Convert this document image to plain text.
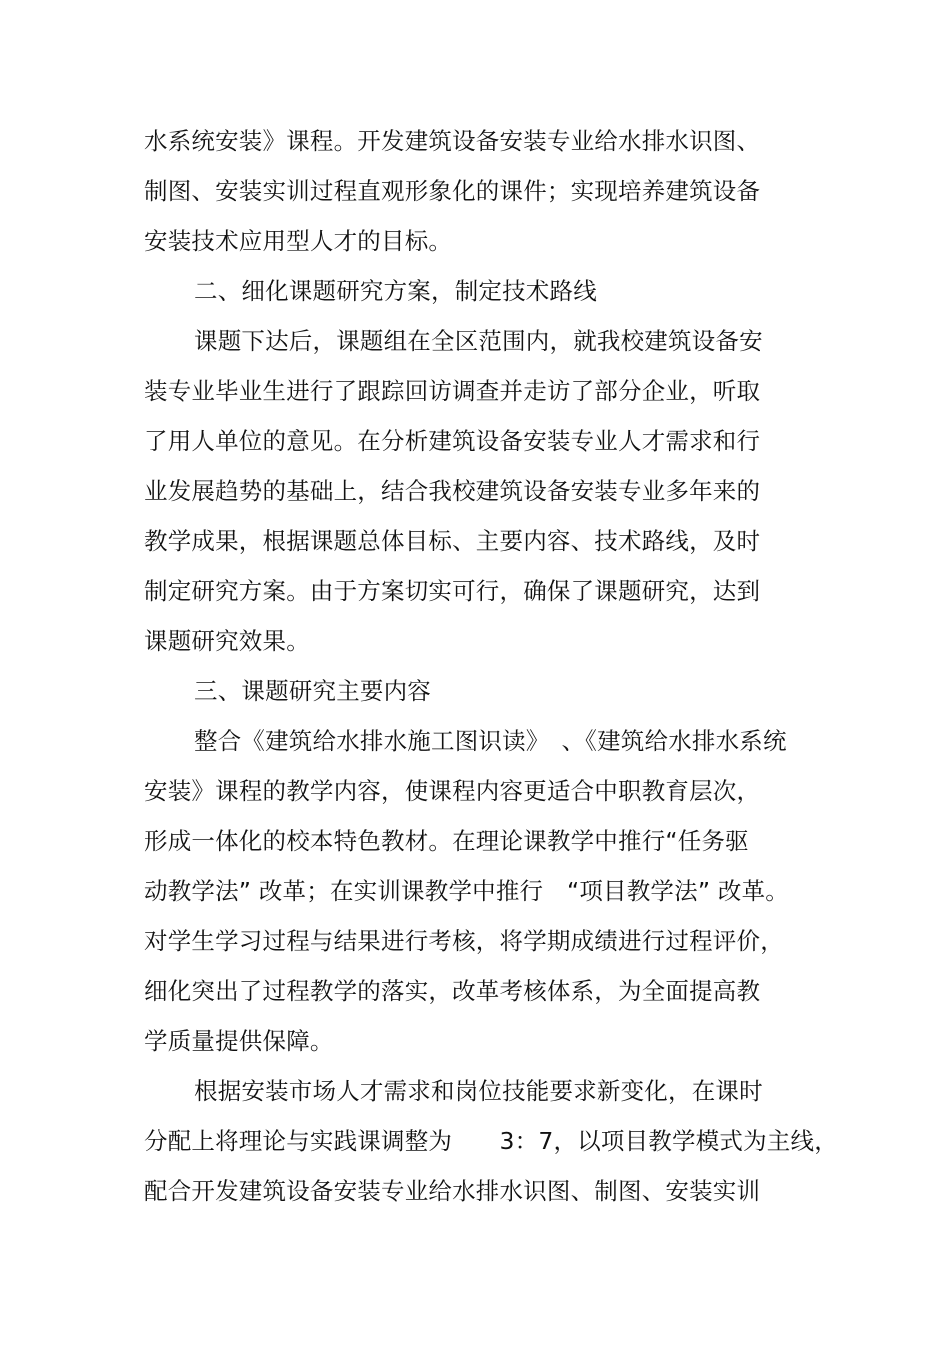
水系统安装》课程。开发建筑设备安装专业给水排水识图、
制图、安装实训过程直观形象化的课件；实现培养建筑设备
安装技术应用型人才的目标。
二、细化课题研究方案，制定技术路线
课题下达后，课题组在全区范围内，就我校建筑设备安
装专业毕业生进行了跟踪回访调查并走访了部分企业，听取
了用人单位的意见。在分析建筑设备安装专业人才需求和行
业发展趋势的基础上，结合我校建筑设备安装专业多年来的
教学成果，根据课题总体目标、主要内容、技术路线，及时
制定研究方案。由于方案切实可行，确保了课题研究，达到
课题研究效果。
三、课题研究主要内容
整合《建筑给水排水施工图识读》　、《建筑给水排水系统
安装》课程的教学内容，使课程内容更适合中职教育层次，
形成一体化的校本特色教材。在理论课教学中推行“任务驱
动教学法” 改革；在实训课教学中推行　“项目教学法” 改革。
对学生学习过程与结果进行考核，将学期成绩进行过程评价，
细化突出了过程教学的落实，改革考核体系，为全面提高教
学质量提供保障。
根据安装市场人才需求和岗位技能要求新变化，在课时
分配上将理论与实践课调整为　　3：7，以项目教学模式为主线，
配合开发建筑设备安装专业给水排水识图、制图、安装实训
